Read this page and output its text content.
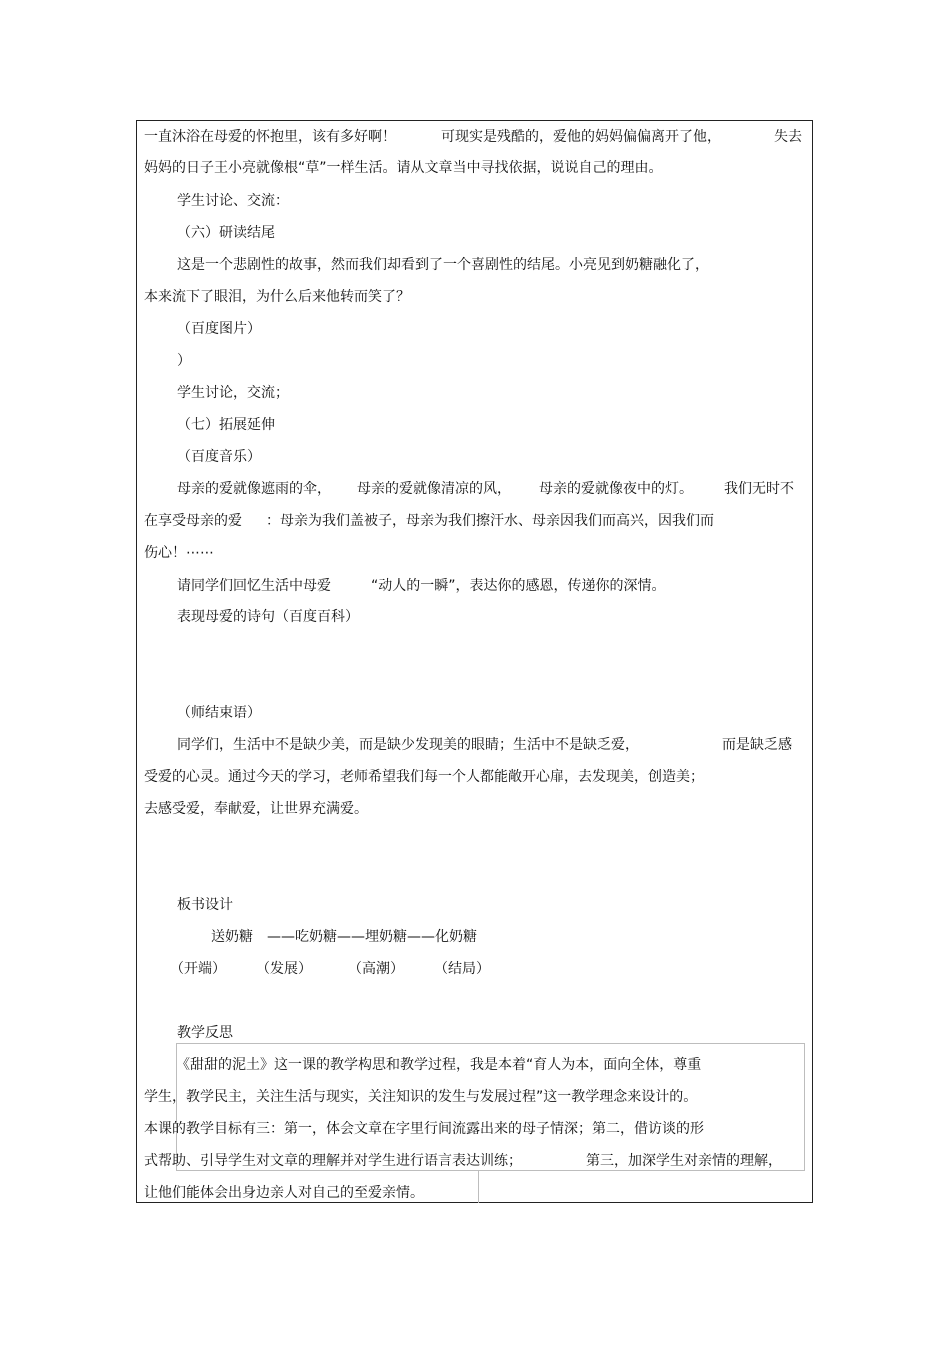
一直沐浴在母爱的怀抱里，该有多好啊！	可现实是残酷的，爱他的妈妈偏偏离开了他，	失去
妈妈的日子王小亮就像根“草”一样生活。请从文章当中寻找依据，说说自己的理由。
学生讨论、交流：
（六）研读结尾
这是一个悲剧性的故事，然而我们却看到了一个喜剧性的结尾。小亮见到奶糖融化了，
本来流下了眼泪，为什么后来他转而笑了？
（百度图片）
）
学生讨论，交流；
（七）拓展延伸
（百度音乐）
母亲的爱就像遮雨的伞， 母亲的爱就像清凉的风， 母亲的爱就像夜中的灯。 我们无时不
在享受母亲的爱 ：母亲为我们盖被子，母亲为我们擦汗水、母亲因我们而高兴，因我们而
伤心！⋯⋯
请同学们回忆生活中母爱	“动人的一瞬”，表达你的感恩，传递你的深情。
表现母爱的诗句（百度百科）
（师结束语）
同学们，生活中不是缺少美，而是缺少发现美的眼睛；生活中不是缺乏爱，	而是缺乏感
受爱的心灵。通过今天的学习，老师希望我们每一个人都能敞开心扉，去发现美，创造美；
去感受爱，奉献爱，让世界充满爱。
板书设计
送奶糖　——吃奶糖——埋奶糖——化奶糖
（开端） （发展）	（高潮） （结局）
教学反思
《甜甜的泥土》这一课的教学构思和教学过程，我是本着“育人为本，面向全体，尊重
学生，教学民主，关注生活与现实，关注知识的发生与发展过程”这一教学理念来设计的。
本课的教学目标有三：第一，体会文章在字里行间流露出来的母子情深；第二，借访谈的形
式帮助、引导学生对文章的理解并对学生进行语言表达训练；	第三，加深学生对亲情的理解，
让他们能体会出身边亲人对自己的至爱亲情。
